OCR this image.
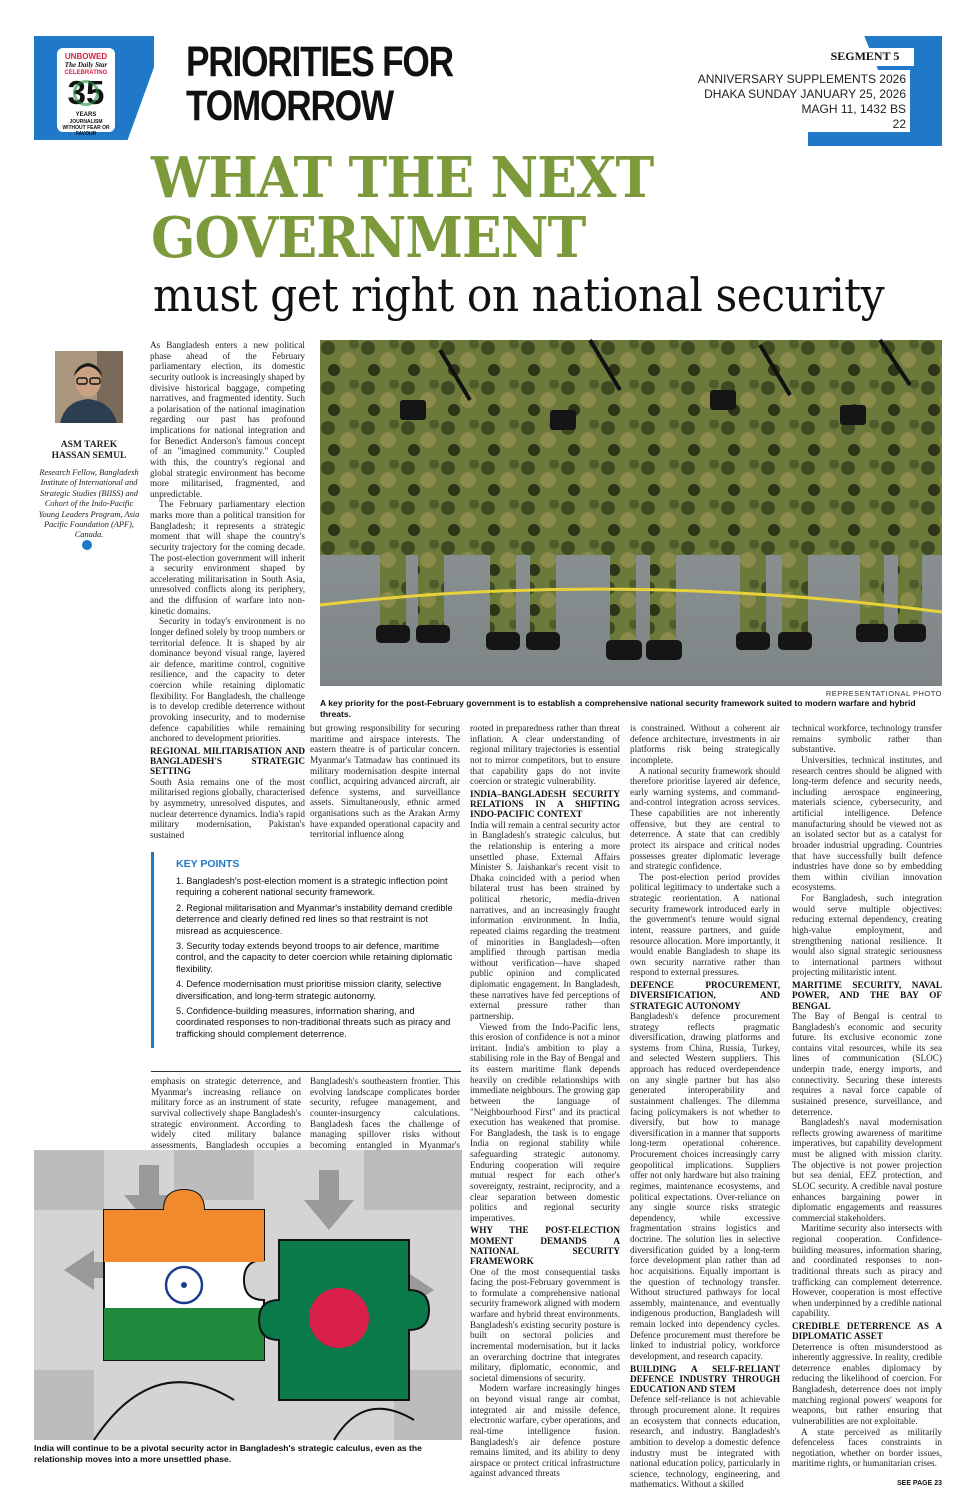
UNBOWED
The Daily Star
CELEBRATING
35
YEARS
JOURNALISM WITHOUT FEAR OR FAVOUR
PRIORITIES FOR
TOMORROW
SEGMENT 5
ANNIVERSARY SUPPLEMENTS 2026
DHAKA SUNDAY JANUARY 25, 2026
MAGH 11, 1432 BS
22
WHAT THE NEXT
GOVERNMENT
must get right on national security
ASM TAREK
HASSAN SEMUL
Research Fellow, Bangladesh Institute of International and Strategic Studies (BIISS) and Cohort of the Indo-Pacific Young Leaders Program, Asia Pacific Foundation (APF), Canada.

As Bangladesh enters a new political phase ahead of the February parliamentary election, its domestic security outlook is increasingly shaped by divisive historical baggage, competing narratives, and fragmented identity. Such a polarisation of the national imagination regarding our past has profound implications for national integration and for Benedict Anderson's famous concept of an "imagined community." Coupled with this, the country's regional and global strategic environment has become more militarised, fragmented, and unpredictable.

The February parliamentary election marks more than a political transition for Bangladesh; it represents a strategic moment that will shape the country's security trajectory for the coming decade. The post-election government will inherit a security environment shaped by accelerating militarisation in South Asia, unresolved conflicts along its periphery, and the diffusion of warfare into non-kinetic domains.

Security in today's environment is no longer defined solely by troop numbers or territorial defence. It is shaped by air dominance beyond visual range, layered air defence, maritime control, cognitive resilience, and the capacity to deter coercion while retaining diplomatic flexibility. For Bangladesh, the challenge is to develop credible deterrence without provoking insecurity, and to modernise defence capabilities while remaining anchored to development priorities.

REGIONAL MILITARISATION AND BANGLADESH'S STRATEGIC SETTING

South Asia remains one of the most militarised regions globally, characterised by asymmetry, unresolved disputes, and nuclear deterrence dynamics. India's rapid military modernisation, Pakistan's sustained

REPRESENTATIONAL PHOTO
A key priority for the post-February government is to establish a comprehensive national security framework suited to modern warfare and hybrid threats.

but growing responsibility for securing maritime and airspace interests. The eastern theatre is of particular concern. Myanmar's Tatmadaw has continued its military modernisation despite internal conflict, acquiring advanced aircraft, air defence systems, and surveillance assets. Simultaneously, ethnic armed organisations such as the Arakan Army have expanded operational capacity and territorial influence along

rooted in preparedness rather than threat inflation. A clear understanding of regional military trajectories is essential not to mirror competitors, but to ensure that capability gaps do not invite coercion or strategic vulnerability.

INDIA–BANGLADESH SECURITY RELATIONS IN A SHIFTING INDO-PACIFIC CONTEXT

India will remain a central security actor in Bangladesh's strategic calculus, but the relationship is entering a more unsettled phase. External Affairs Minister S. Jaishankar's recent visit to Dhaka coincided with a period when bilateral trust has been strained by political rhetoric, media-driven narratives, and an increasingly fraught information environment. In India, repeated claims regarding the treatment of minorities in Bangladesh—often amplified through partisan media without verification—have shaped public opinion and complicated diplomatic engagement. In Bangladesh, these narratives have fed perceptions of external pressure rather than partnership.

Viewed from the Indo-Pacific lens, this erosion of confidence is not a minor irritant. India's ambition to play a stabilising role in the Bay of Bengal and its eastern maritime flank depends heavily on credible relationships with immediate neighbours. The growing gap between the language of "Neighbourhood First" and its practical execution has weakened that promise. For Bangladesh, the task is to engage India on regional stability while safeguarding strategic autonomy. Enduring cooperation will require mutual respect for each other's sovereignty, restraint, reciprocity, and a clear separation between domestic politics and regional security imperatives.

WHY THE POST-ELECTION MOMENT DEMANDS A NATIONAL SECURITY FRAMEWORK

One of the most consequential tasks facing the post-February government is to formulate a comprehensive national security framework aligned with modern warfare and hybrid threat environments. Bangladesh's existing security posture is built on sectoral policies and incremental modernisation, but it lacks an overarching doctrine that integrates military, diplomatic, economic, and societal dimensions of security.

Modern warfare increasingly hinges on beyond visual range air combat, integrated air and missile defence, electronic warfare, cyber operations, and real-time intelligence fusion. Bangladesh's air defence posture remains limited, and its ability to deny airspace or protect critical infrastructure against advanced threats

is constrained. Without a coherent air defence architecture, investments in air platforms risk being strategically incomplete.

A national security framework should therefore prioritise layered air defence, early warning systems, and command-and-control integration across services. These capabilities are not inherently offensive, but they are central to deterrence. A state that can credibly protect its airspace and critical nodes possesses greater diplomatic leverage and strategic confidence.

The post-election period provides political legitimacy to undertake such a strategic reorientation. A national security framework introduced early in the government's tenure would signal intent, reassure partners, and guide resource allocation. More importantly, it would enable Bangladesh to shape its own security narrative rather than respond to external pressures.

DEFENCE PROCUREMENT, DIVERSIFICATION, AND STRATEGIC AUTONOMY

Bangladesh's defence procurement strategy reflects pragmatic diversification, drawing platforms and systems from China, Russia, Turkey, and selected Western suppliers. This approach has reduced overdependence on any single partner but has also generated interoperability and sustainment challenges. The dilemma facing policymakers is not whether to diversify, but how to manage diversification in a manner that supports long-term operational coherence. Procurement choices increasingly carry geopolitical implications. Suppliers offer not only hardware but also training regimes, maintenance ecosystems, and political expectations. Over-reliance on any single source risks strategic dependency, while excessive fragmentation strains logistics and doctrine. The solution lies in selective diversification guided by a long-term force development plan rather than ad hoc acquisitions. Equally important is the question of technology transfer. Without structured pathways for local assembly, maintenance, and eventually indigenous production, Bangladesh will remain locked into dependency cycles. Defence procurement must therefore be linked to industrial policy, workforce development, and research capacity.

BUILDING A SELF-RELIANT DEFENCE INDUSTRY THROUGH EDUCATION AND STEM

Defence self-reliance is not achievable through procurement alone. It requires an ecosystem that connects education, research, and industry. Bangladesh's ambition to develop a domestic defence industry must be integrated with national education policy, particularly in science, technology, engineering, and mathematics. Without a skilled

technical workforce, technology transfer remains symbolic rather than substantive.

Universities, technical institutes, and research centres should be aligned with long-term defence and security needs, including aerospace engineering, materials science, cybersecurity, and artificial intelligence. Defence manufacturing should be viewed not as an isolated sector but as a catalyst for broader industrial upgrading. Countries that have successfully built defence industries have done so by embedding them within civilian innovation ecosystems.

For Bangladesh, such integration would serve multiple objectives: reducing external dependency, creating high-value employment, and strengthening national resilience. It would also signal strategic seriousness to international partners without projecting militaristic intent.

MARITIME SECURITY, NAVAL POWER, AND THE BAY OF BENGAL

The Bay of Bengal is central to Bangladesh's economic and security future. Its exclusive economic zone contains vital resources, while its sea lines of communication (SLOC) underpin trade, energy imports, and connectivity. Securing these interests requires a naval force capable of sustained presence, surveillance, and deterrence.

Bangladesh's naval modernisation reflects growing awareness of maritime imperatives, but capability development must be aligned with mission clarity. The objective is not power projection but sea denial, EEZ protection, and SLOC security. A credible naval posture enhances bargaining power in diplomatic engagements and reassures commercial stakeholders.

Maritime security also intersects with regional cooperation. Confidence-building measures, information sharing, and coordinated responses to non-traditional threats such as piracy and trafficking can complement deterrence. However, cooperation is most effective when underpinned by a credible national capability.

CREDIBLE DETERRENCE AS A DIPLOMATIC ASSET

Deterrence is often misunderstood as inherently aggressive. In reality, credible deterrence enables diplomacy by reducing the likelihood of coercion. For Bangladesh, deterrence does not imply matching regional powers' weapons for weapons, but rather ensuring that vulnerabilities are not exploitable.

A state perceived as militarily defenceless faces constraints in negotiation, whether on border issues, maritime rights, or humanitarian crises.

SEE PAGE 23
KEY POINTS
1. Bangladesh's post-election moment is a strategic inflection point requiring a coherent national security framework.
2. Regional militarisation and Myanmar's instability demand credible deterrence and clearly defined red lines so that restraint is not misread as acquiescence.
3. Security today extends beyond troops to air defence, maritime control, and the capacity to deter coercion while retaining diplomatic flexibility.
4. Defence modernisation must prioritise mission clarity, selective diversification, and long-term strategic autonomy.
5. Confidence-building measures, information sharing, and coordinated responses to non-traditional threats such as piracy and trafficking should complement deterrence.
emphasis on strategic deterrence, and Myanmar's increasing reliance on military force as an instrument of state survival collectively shape Bangladesh's strategic environment. According to widely cited military balance assessments, Bangladesh occupies a
Bangladesh's southeastern frontier. This evolving landscape complicates border security, refugee management, and counter-insurgency calculations. Bangladesh faces the challenge of managing spillover risks without becoming entangled in Myanmar's
India will continue to be a pivotal security actor in Bangladesh's strategic calculus, even as the relationship moves into a more unsettled phase.
